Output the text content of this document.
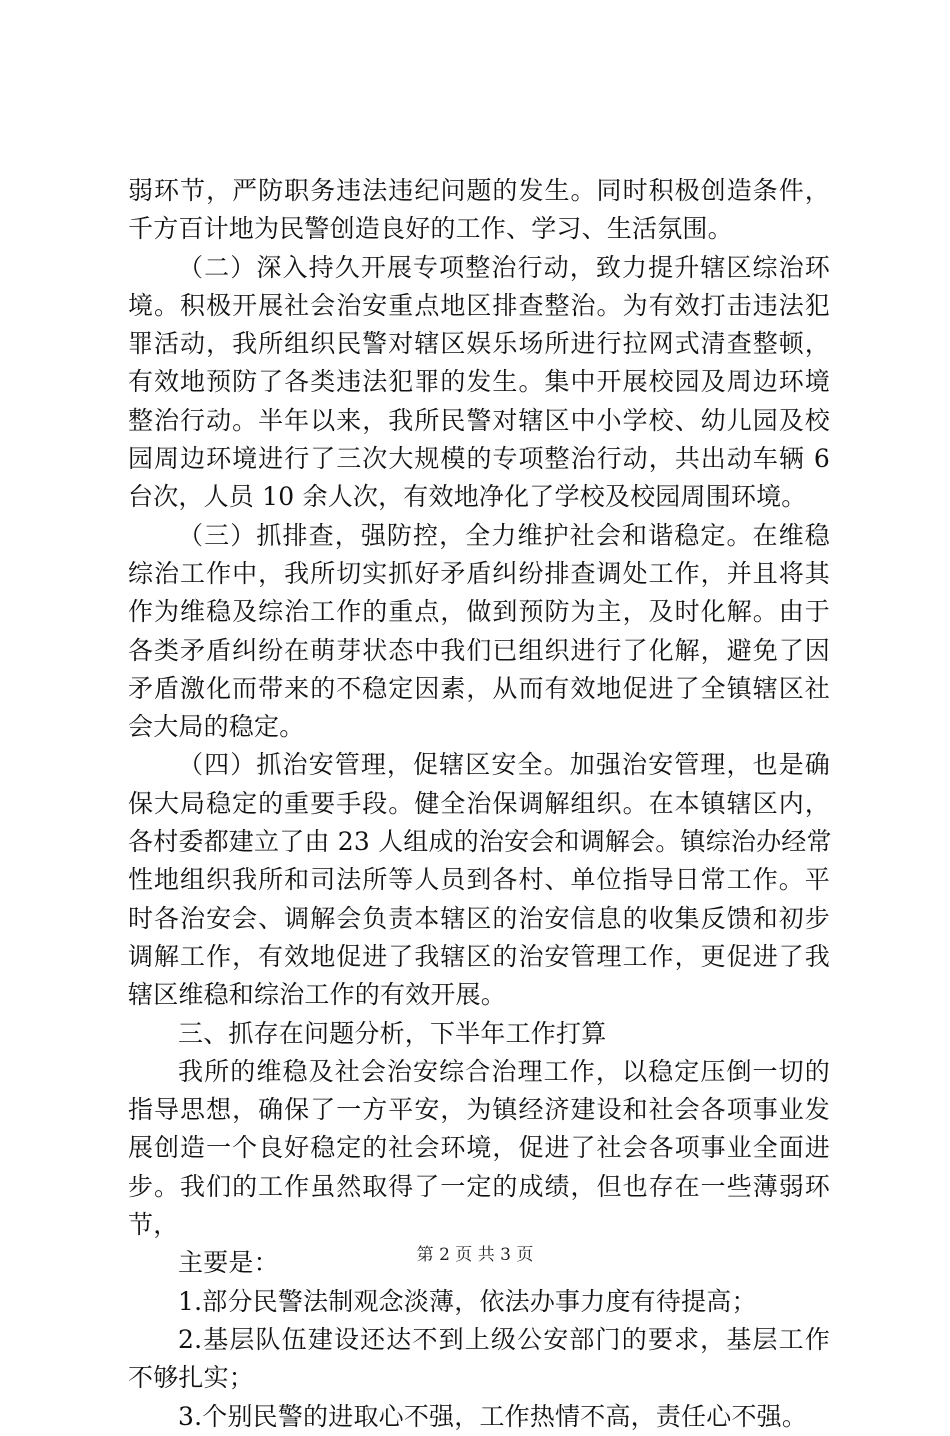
弱环节，严防职务违法违纪问题的发生。同时积极创造条件，
千方百计地为民警创造良好的工作、学习、生活氛围。
（二）深入持久开展专项整治行动，致力提升辖区综治环
境。积极开展社会治安重点地区排查整治。为有效打击违法犯
罪活动，我所组织民警对辖区娱乐场所进行拉网式清查整顿，
有效地预防了各类违法犯罪的发生。集中开展校园及周边环境
整治行动。半年以来，我所民警对辖区中小学校、幼儿园及校
园周边环境进行了三次大规模的专项整治行动，共出动车辆 6
台次，人员 10 余人次，有效地净化了学校及校园周围环境。
（三）抓排查，强防控，全力维护社会和谐稳定。在维稳
综治工作中，我所切实抓好矛盾纠纷排查调处工作，并且将其
作为维稳及综治工作的重点，做到预防为主，及时化解。由于
各类矛盾纠纷在萌芽状态中我们已组织进行了化解，避免了因
矛盾激化而带来的不稳定因素，从而有效地促进了全镇辖区社
会大局的稳定。
（四）抓治安管理，促辖区安全。加强治安管理，也是确
保大局稳定的重要手段。健全治保调解组织。在本镇辖区内，
各村委都建立了由 23 人组成的治安会和调解会。镇综治办经常
性地组织我所和司法所等人员到各村、单位指导日常工作。平
时各治安会、调解会负责本辖区的治安信息的收集反馈和初步
调解工作，有效地促进了我辖区的治安管理工作，更促进了我
辖区维稳和综治工作的有效开展。
三、抓存在问题分析，下半年工作打算
我所的维稳及社会治安综合治理工作，以稳定压倒一切的
指导思想，确保了一方平安，为镇经济建设和社会各项事业发
展创造一个良好稳定的社会环境，促进了社会各项事业全面进
步。我们的工作虽然取得了一定的成绩，但也存在一些薄弱环
节，
主要是：
1.部分民警法制观念淡薄，依法办事力度有待提高；
2.基层队伍建设还达不到上级公安部门的要求，基层工作
不够扎实；
3.个别民警的进取心不强，工作热情不高，责任心不强。
第 2 页 共 3 页
